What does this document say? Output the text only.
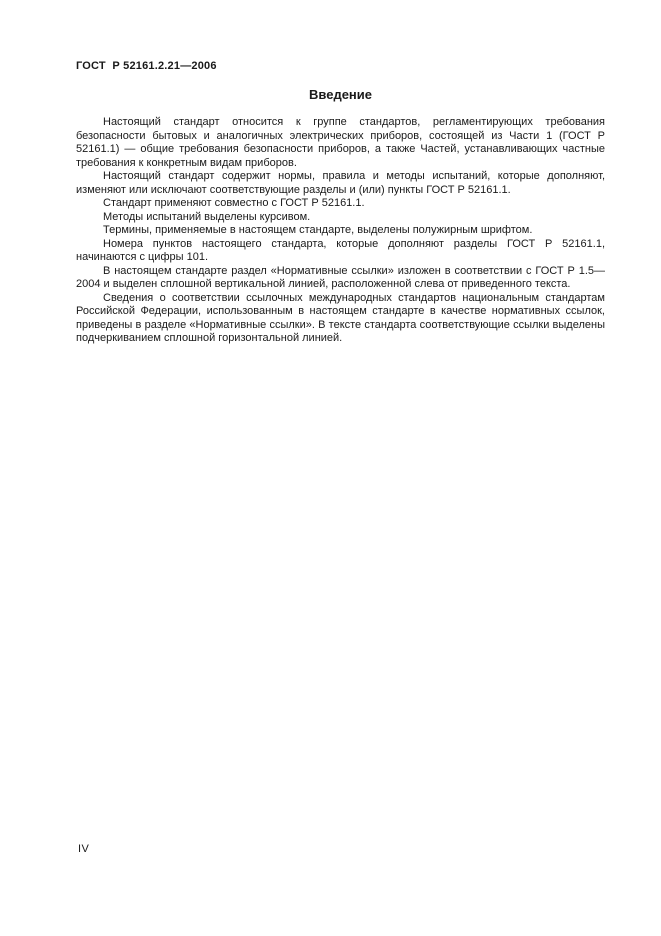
ГОСТ  Р 52161.2.21—2006
Введение

Настоящий стандарт относится к группе стандартов, регламентирующих требования безопасности бытовых и аналогичных электрических приборов, состоящей из Части 1 (ГОСТ Р 52161.1) — общие требования безопасности приборов, а также Частей, устанавливающих частные требования к конкретным видам приборов.

Настоящий стандарт содержит нормы, правила и методы испытаний, которые дополняют, изменяют или исключают соответствующие разделы и (или) пункты ГОСТ Р 52161.1.

Стандарт применяют совместно с ГОСТ Р 52161.1.

Методы испытаний выделены курсивом.

Термины, применяемые в настоящем стандарте, выделены полужирным шрифтом.

Номера пунктов настоящего стандарта, которые дополняют разделы ГОСТ Р 52161.1, начинаются с цифры 101.

В настоящем стандарте раздел «Нормативные ссылки» изложен в соответствии с ГОСТ Р 1.5—2004 и выделен сплошной вертикальной линией, расположенной слева от приведенного текста.

Сведения о соответствии ссылочных международных стандартов национальным стандартам Российской Федерации, использованным в настоящем стандарте в качестве нормативных ссылок, приведены в разделе «Нормативные ссылки». В тексте стандарта соответствующие ссылки выделены подчеркиванием сплошной горизонтальной линией.

IV
